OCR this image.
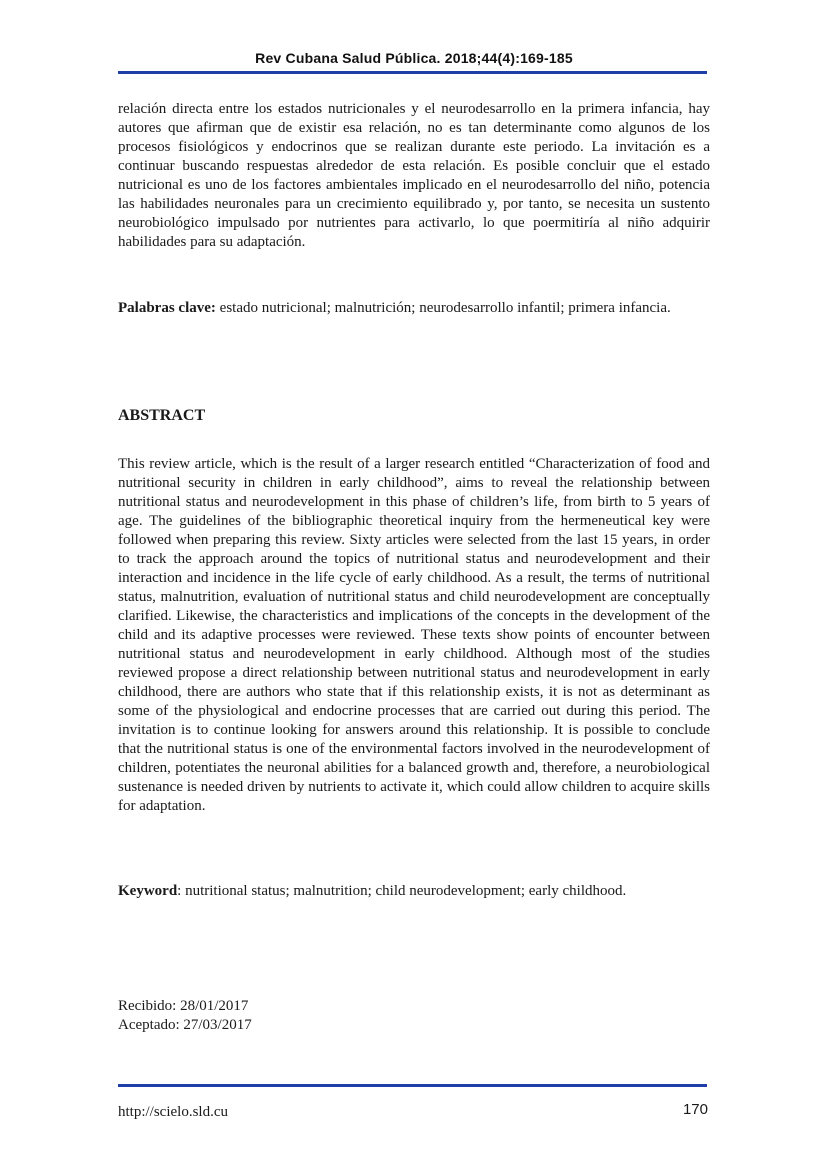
Rev Cubana Salud Pública. 2018;44(4):169-185

relación directa entre los estados nutricionales y el neurodesarrollo en la primera infancia, hay autores que afirman que de existir esa relación, no es tan determinante como algunos de los procesos fisiológicos y endocrinos que se realizan durante este periodo. La invitación es a continuar buscando respuestas alrededor de esta relación. Es posible concluir que el estado nutricional es uno de los factores ambientales implicado en el neurodesarrollo del niño, potencia las habilidades neuronales para un crecimiento equilibrado y, por tanto, se necesita un sustento neurobiológico impulsado por nutrientes para activarlo, lo que poermitiría al niño adquirir habilidades para su adaptación.

Palabras clave: estado nutricional; malnutrición; neurodesarrollo infantil; primera infancia.

ABSTRACT

This review article, which is the result of a larger research entitled “Characterization of food and nutritional security in children in early childhood”, aims to reveal the relationship between nutritional status and neurodevelopment in this phase of children’s life, from birth to 5 years of age. The guidelines of the bibliographic theoretical inquiry from the hermeneutical key were followed when preparing this review. Sixty articles were selected from the last 15 years, in order to track the approach around the topics of nutritional status and neurodevelopment and their interaction and incidence in the life cycle of early childhood. As a result, the terms of nutritional status, malnutrition, evaluation of nutritional status and child neurodevelopment are conceptually clarified. Likewise, the characteristics and implications of the concepts in the development of the child and its adaptive processes were reviewed. These texts show points of encounter between nutritional status and neurodevelopment in early childhood. Although most of the studies reviewed propose a direct relationship between nutritional status and neurodevelopment in early childhood, there are authors who state that if this relationship exists, it is not as determinant as some of the physiological and endocrine processes that are carried out during this period. The invitation is to continue looking for answers around this relationship. It is possible to conclude that the nutritional status is one of the environmental factors involved in the neurodevelopment of children, potentiates the neuronal abilities for a balanced growth and, therefore, a neurobiological sustenance is needed driven by nutrients to activate it, which could allow children to acquire skills for adaptation.

Keyword: nutritional status; malnutrition; child neurodevelopment; early childhood.

Recibido: 28/01/2017
Aceptado: 27/03/2017
http://scielo.sld.cu	170
